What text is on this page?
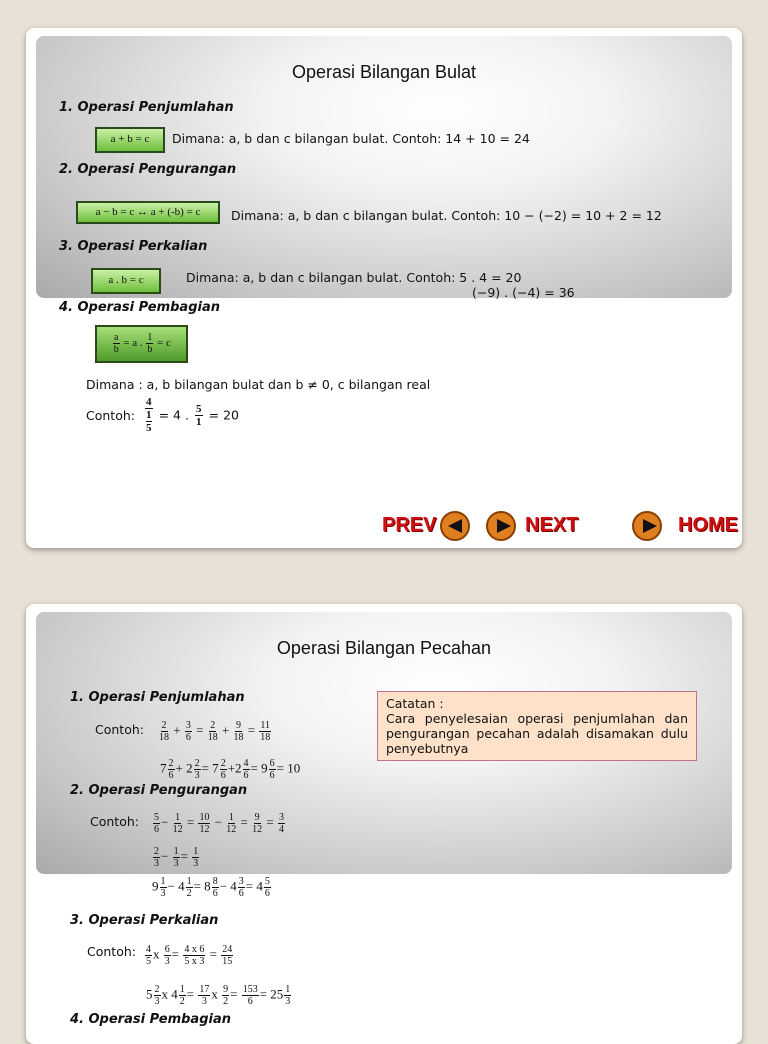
Operasi Bilangan Bulat
1. Operasi Penjumlahan
a + b = c	Dimana: a, b dan c bilangan bulat. Contoh: 14 + 10 = 24
2. Operasi Pengurangan
a − b = c ↔ a + (-b) = c	Dimana: a, b dan c bilangan bulat. Contoh: 10 − (−2) = 10 + 2 = 12
3. Operasi Perkalian
a . b = c	Dimana: a, b dan c bilangan bulat. Contoh: 5 . 4 = 20
(−9) . (−4) = 36
4. Operasi Pembagian
$\frac{a}{b} = a$ . $\frac{1}{b} = c$
Dimana : a, b bilangan bulat dan b ≠ 0, c bilangan real
Contoh: $\frac{4}{\frac{1}{5}} = 4$ . $\frac{5}{1} = 20$
PREV	NEXT	HOME
Operasi Bilangan Pecahan
1. Operasi Penjumlahan
Contoh: $\frac{2}{18} + \frac{3}{6} = \frac{2}{18} + \frac{9}{18} = \frac{11}{18}$
$7 \frac{2}{6} + 2 \frac{2}{3} = 7 \frac{2}{6} +2 \frac{4}{6} = 9 \frac{6}{6} = 10$
Catatan :
Cara penyelesaian operasi penjumlahan dan pengurangan pecahan adalah disamakan dulu penyebutnya
2. Operasi Pengurangan
Contoh: $\frac{5}{6} - \frac{1}{12} = \frac{10}{12} - \frac{1}{12} = \frac{9}{12} = \frac{3}{4}$
$\frac{2}{3} - \frac{1}{3} = \frac{1}{3}$
$9 \frac{1}{3} - 4 \frac{1}{2} = 8 \frac{8}{6} - 4 \frac{3}{6} = 4 \frac{5}{6}$
3. Operasi Perkalian
Contoh: $\frac{4}{5}$ x $\frac{6}{3} = \frac{4 x 6}{5 x 3} = \frac{24}{15}$
$5 \frac{2}{3}$ x $4 \frac{1}{2} = \frac{17}{3}$ x $\frac{9}{2} = \frac{153}{6} = 25 \frac{1}{3}$
4. Operasi Pembagian
